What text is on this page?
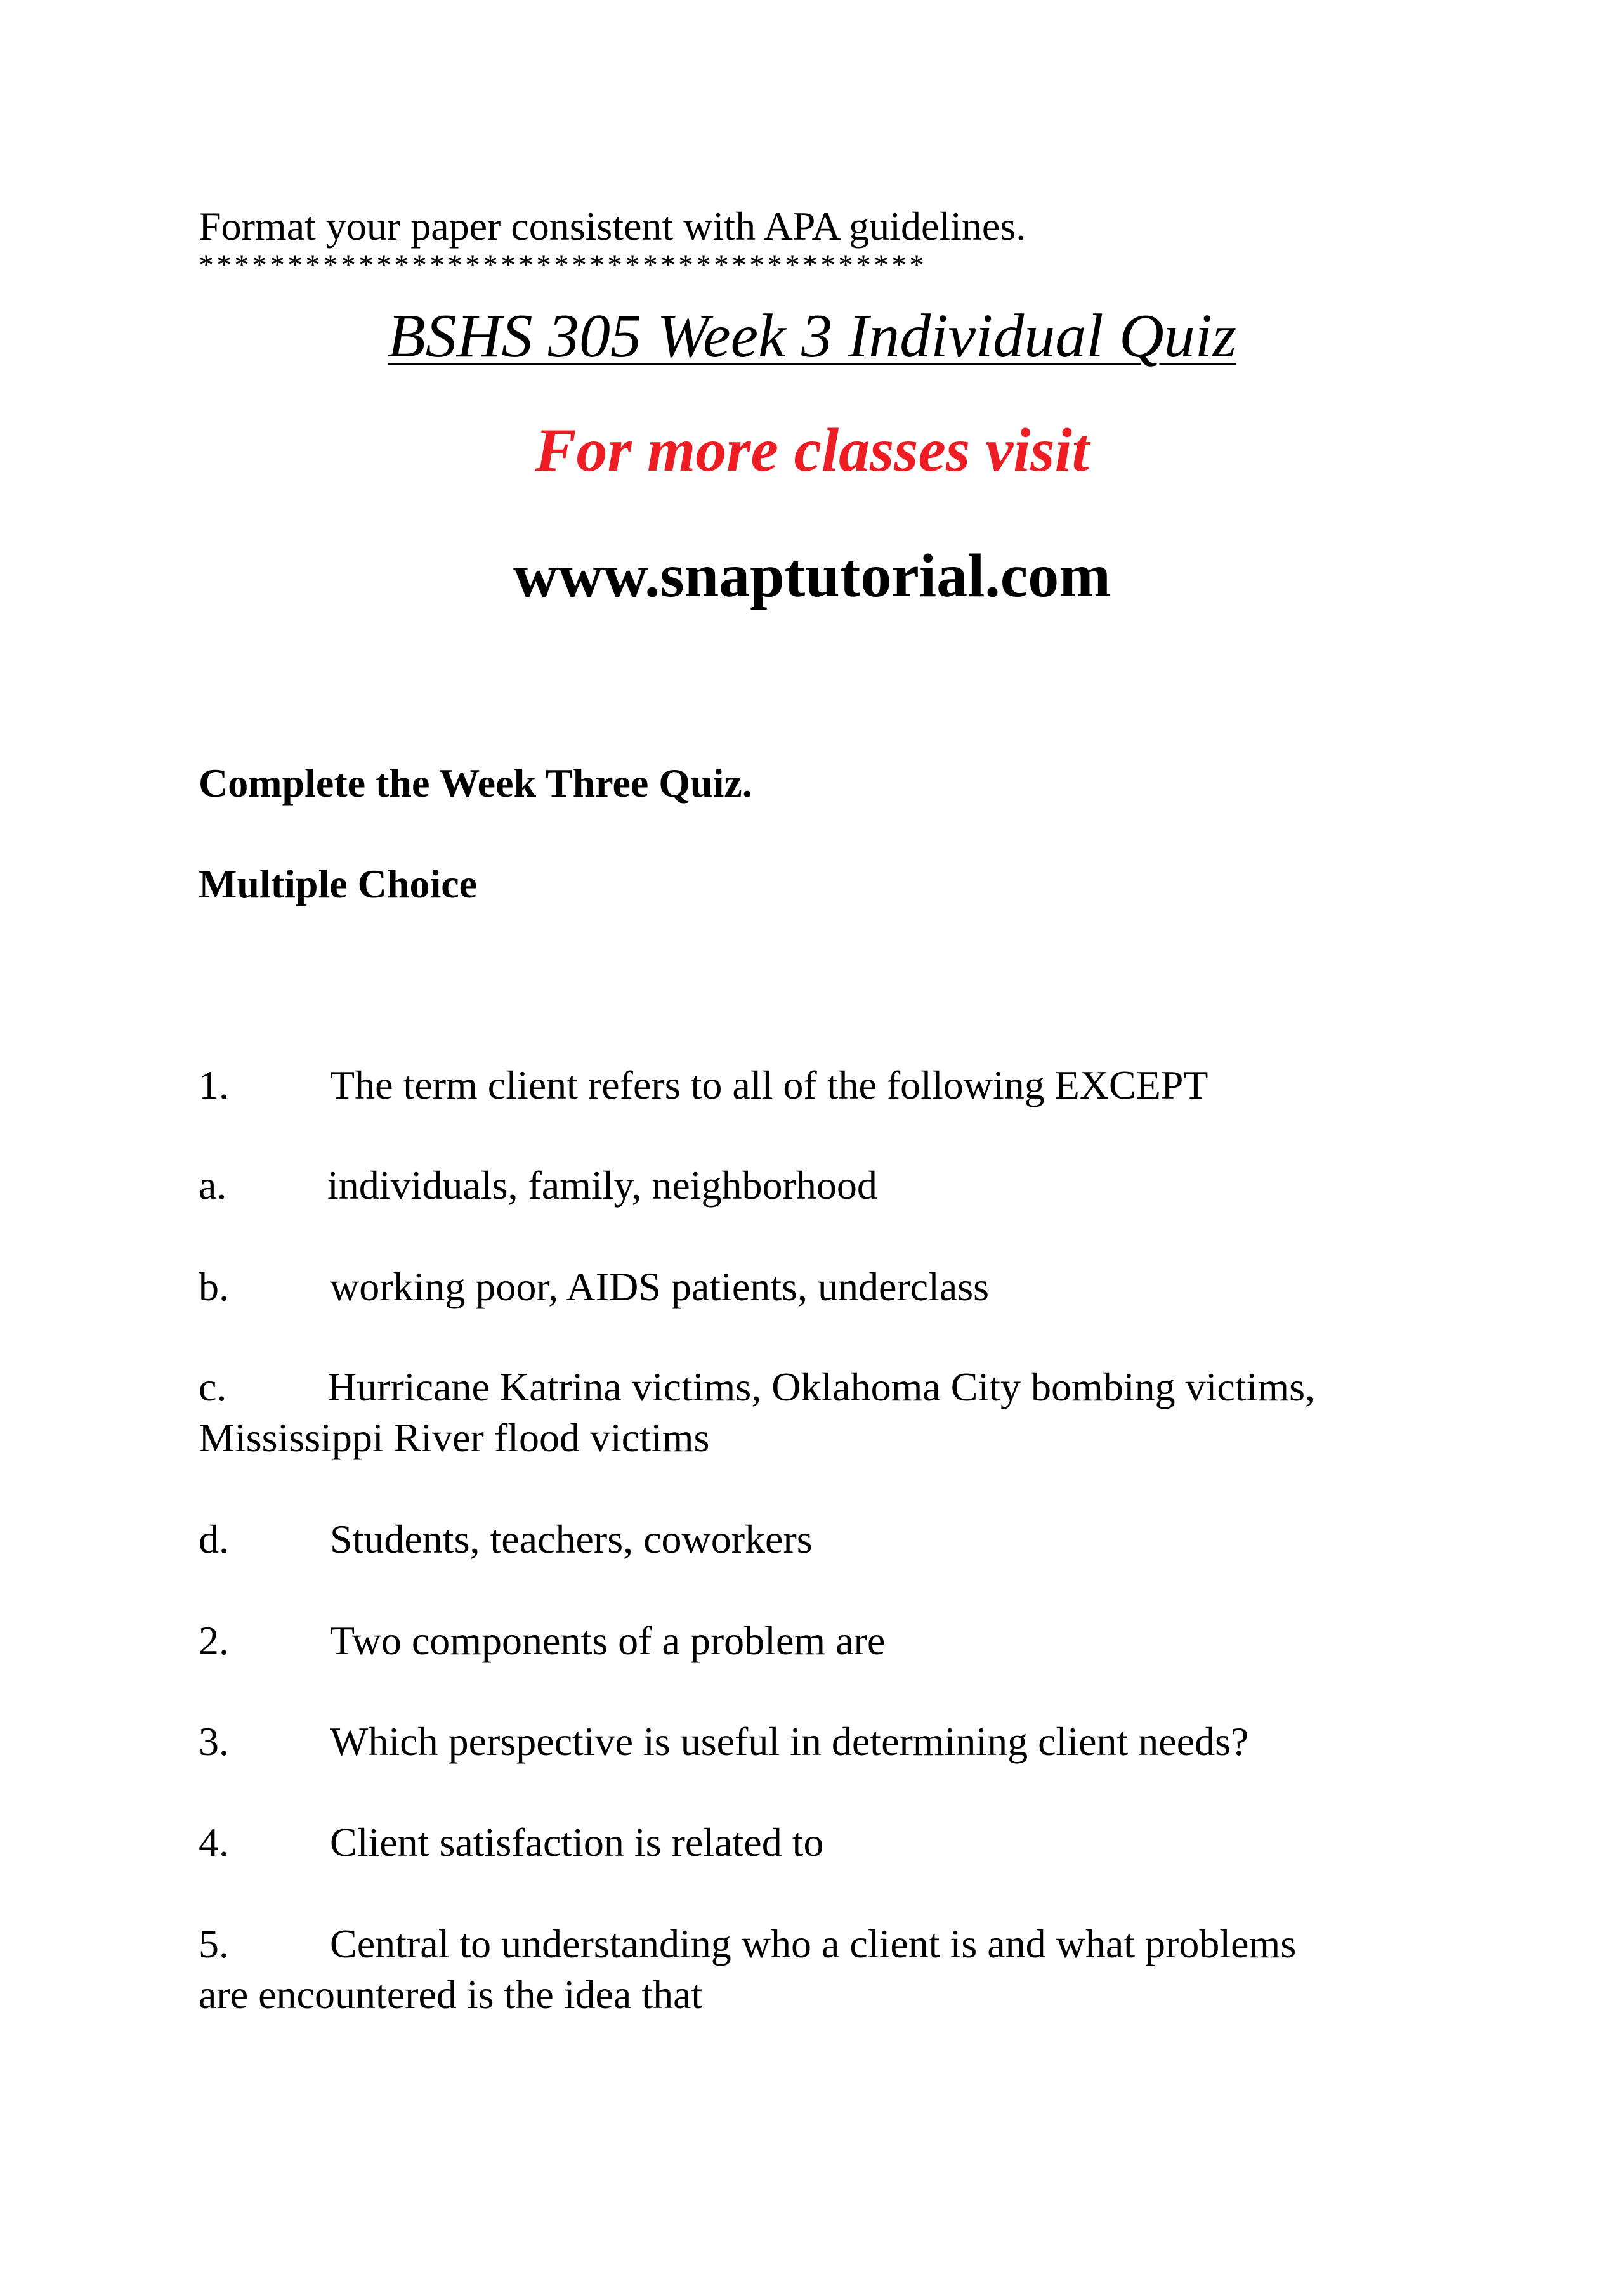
Format your paper consistent with APA guidelines.
*****************************************
BSHS 305 Week 3 Individual Quiz
For more classes visit
www.snaptutorial.com
Complete the Week Three Quiz.
Multiple Choice
1. The term client refers to all of the following EXCEPT
a. individuals, family, neighborhood
b. working poor, AIDS patients, underclass
c. Hurricane Katrina victims, Oklahoma City bombing victims,
Mississippi River flood victims
d. Students, teachers, coworkers
2. Two components of a problem are
3. Which perspective is useful in determining client needs?
4. Client satisfaction is related to
5. Central to understanding who a client is and what problems
are encountered is the idea that
